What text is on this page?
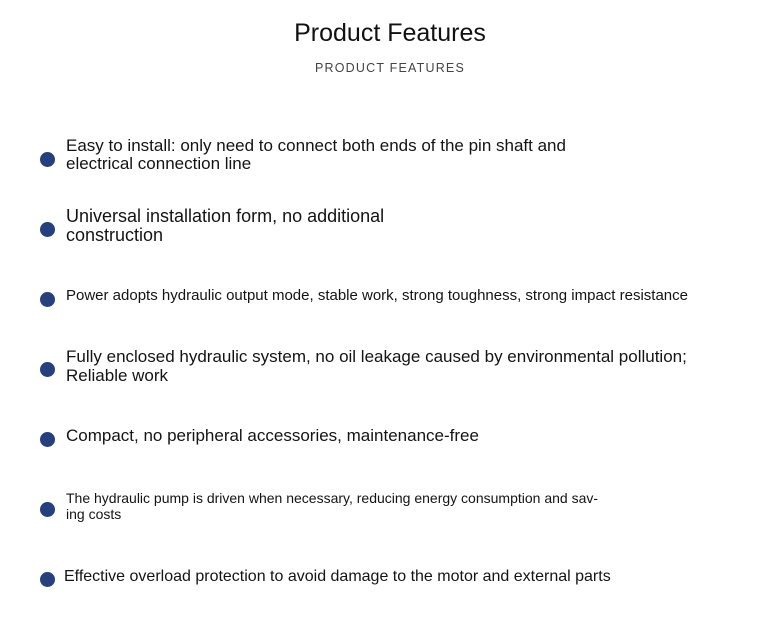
Product Features
PRODUCT FEATURES
Easy to install: only need to connect both ends of the pin shaft and
electrical connection line
Universal installation form, no additional
construction
Power adopts hydraulic output mode, stable work, strong toughness, strong impact resistance
Fully enclosed hydraulic system, no oil leakage caused by environmental pollution;
Reliable work
Compact, no peripheral accessories, maintenance-free
The hydraulic pump is driven when necessary, reducing energy consumption and sav-
ing costs
Effective overload protection to avoid damage to the motor and external parts
